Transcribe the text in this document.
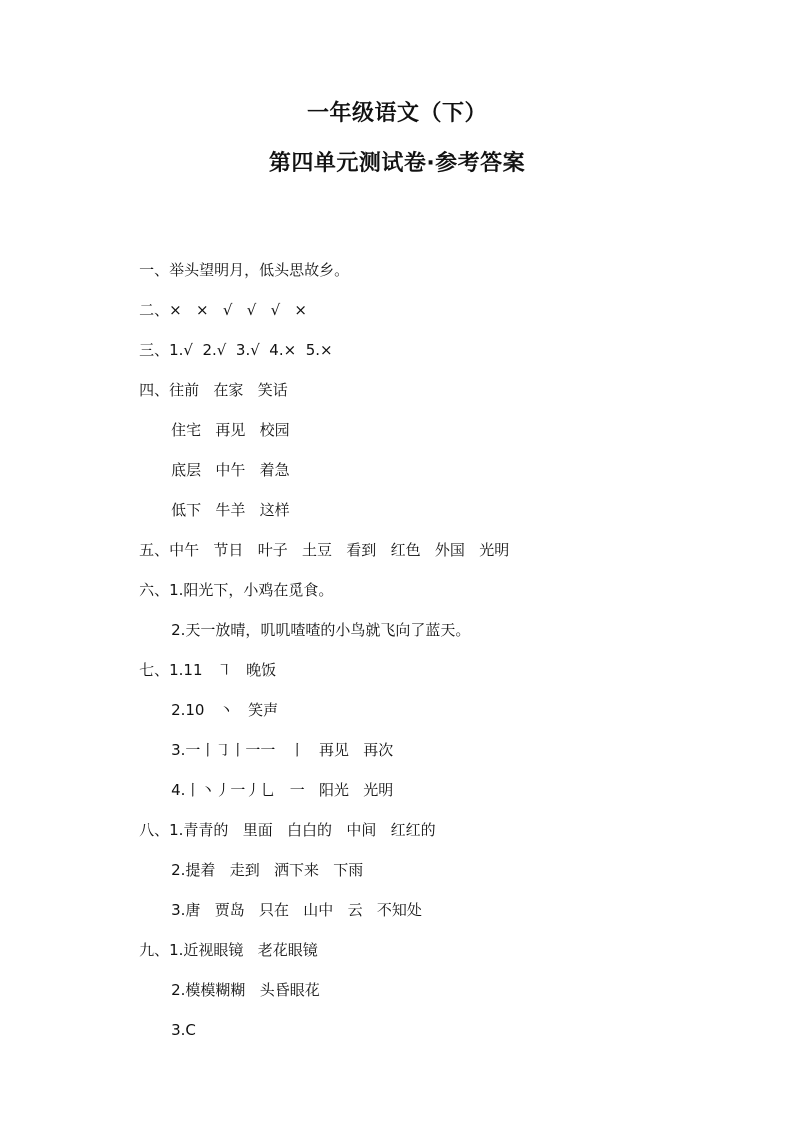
一年级语文（下）
第四单元测试卷·参考答案

一、举头望明月，低头思故乡。

二、×   ×   √   √   √   ×

三、1.√  2.√  3.√  4.×  5.×

四、往前   在家   笑话

住宅   再见   校园

底层   中午   着急

低下   牛羊   这样

五、中午   节日   叶子   土豆   看到   红色   外国   光明

六、1.阳光下，小鸡在觅食。

2.天一放晴，叽叽喳喳的小鸟就飞向了蓝天。

七、1.11   ㇕   晚饭

2.10   丶   笑声

3.一丨㇆丨一一   丨   再见   再次

4.丨丶丿一丿乚   一   阳光   光明

八、1.青青的   里面   白白的   中间   红红的

2.提着   走到   洒下来   下雨

3.唐   贾岛   只在   山中   云   不知处

九、1.近视眼镜   老花眼镜

2.模模糊糊   头昏眼花

3.C
